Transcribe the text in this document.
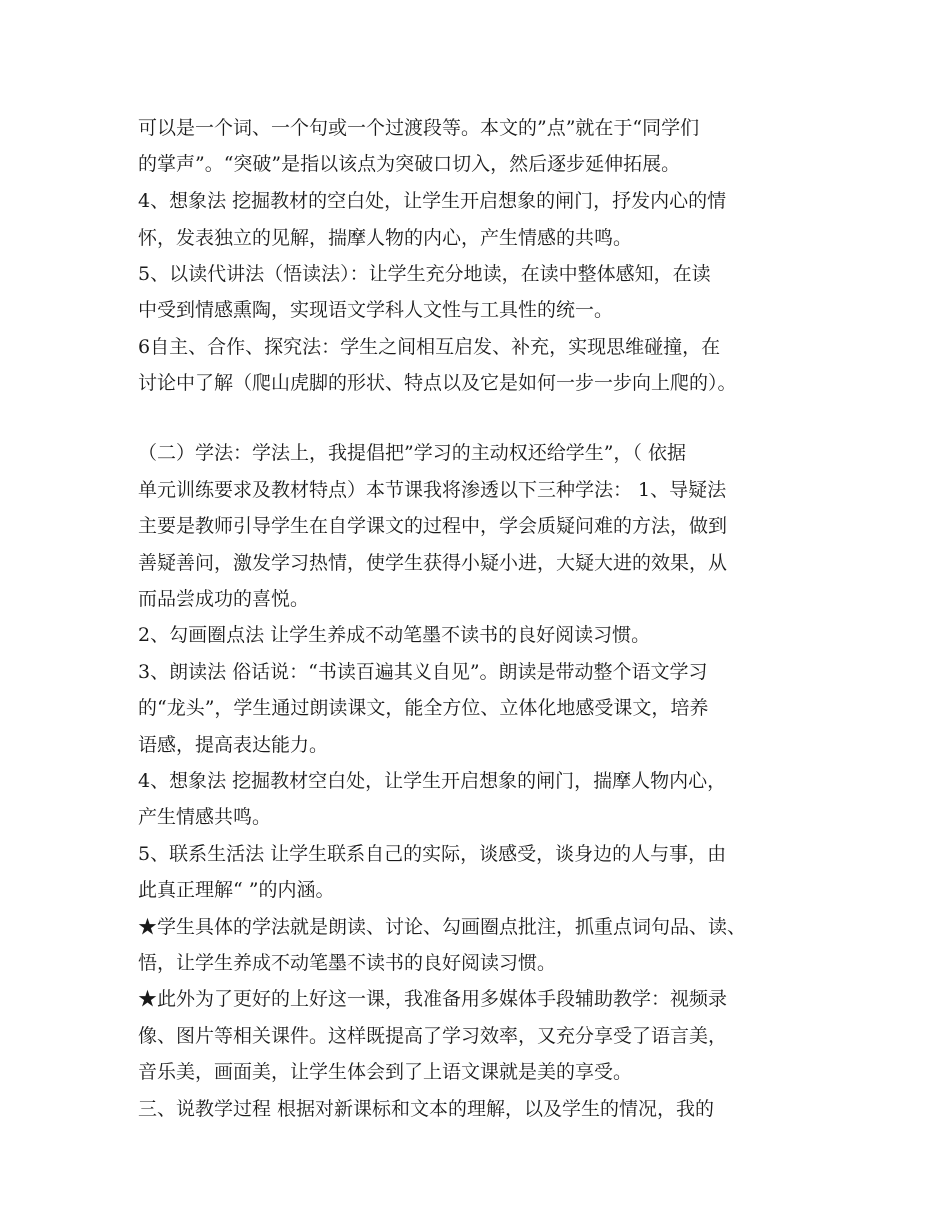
可以是一个词、一个句或一个过渡段等。本文的”点”就在于“同学们
的掌声”。“突破”是指以该点为突破口切入，然后逐步延伸拓展。
4、想象法 挖掘教材的空白处，让学生开启想象的闸门，抒发内心的情
怀，发表独立的见解，揣摩人物的内心，产生情感的共鸣。
5、以读代讲法（悟读法）：让学生充分地读，在读中整体感知，在读
中受到情感熏陶，实现语文学科人文性与工具性的统一。
6自主、合作、探究法：学生之间相互启发、补充，实现思维碰撞，在
讨论中了解（爬山虎脚的形状、特点以及它是如何一步一步向上爬的）。
（二）学法：学法上，我提倡把”学习的主动权还给学生”，（ 依据
单元训练要求及教材特点）本节课我将渗透以下三种学法： 1、导疑法
主要是教师引导学生在自学课文的过程中，学会质疑问难的方法，做到
善疑善问，激发学习热情，使学生获得小疑小进，大疑大进的效果，从
而品尝成功的喜悦。
2、勾画圈点法 让学生养成不动笔墨不读书的良好阅读习惯。
3、朗读法 俗话说：“书读百遍其义自见”。朗读是带动整个语文学习
的“龙头”，学生通过朗读课文，能全方位、立体化地感受课文，培养
语感，提高表达能力。
4、想象法 挖掘教材空白处，让学生开启想象的闸门，揣摩人物内心，
产生情感共鸣。
5、联系生活法 让学生联系自己的实际，谈感受，谈身边的人与事，由
此真正理解“ ”的内涵。
★学生具体的学法就是朗读、讨论、勾画圈点批注，抓重点词句品、读、
悟，让学生养成不动笔墨不读书的良好阅读习惯。
★此外为了更好的上好这一课，我准备用多媒体手段辅助教学：视频录
像、图片等相关课件。这样既提高了学习效率，又充分享受了语言美，
音乐美，画面美，让学生体会到了上语文课就是美的享受。
三、说教学过程 根据对新课标和文本的理解，以及学生的情况，我的
